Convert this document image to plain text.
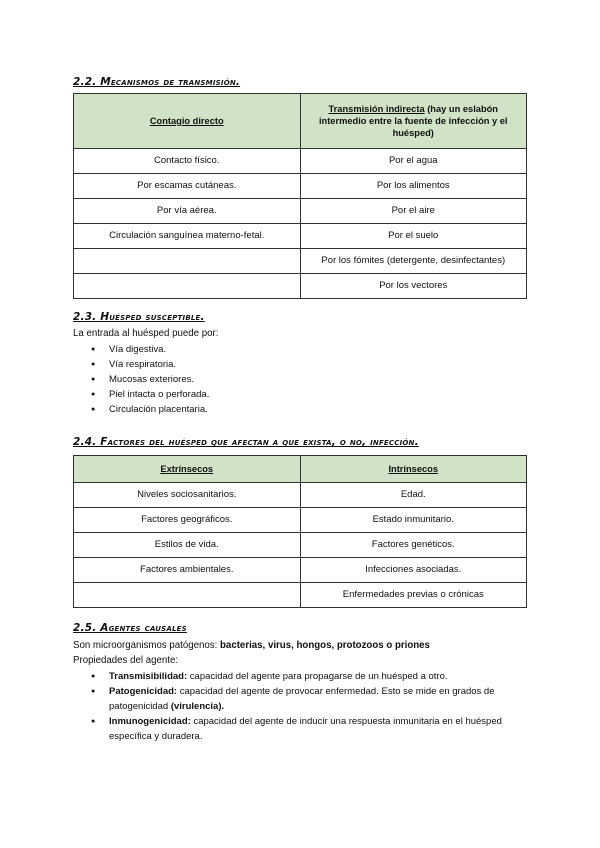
2.2. Mecanismos de transmisión.
Contagio directo	Transmisión indirecta (hay un eslabón intermedio entre la fuente de infección y el huésped)
Contacto físico.	Por el agua
Por escamas cutáneas.	Por los alimentos
Por vía aérea.	Por el aire
Circulación sanguínea materno-fetal.	Por el suelo
	Por los fómites (detergente, desinfectantes)
	Por los vectores
2.3. Huésped susceptible.
La entrada al huésped puede por:
● Vía digestiva.
● Vía respiratoria.
● Mucosas exteriores.
● Piel intacta o perforada.
● Circulación placentaria.
2.4. Factores del huésped que afectan a que exista, o no, infección.
Extrínsecos	Intrínsecos
Niveles sociosanitarios.	Edad.
Factores geográficos.	Estado inmunitario.
Estilos de vida.	Factores genéticos.
Factores ambientales.	Infecciones asociadas.
	Enfermedades previas o crónicas
2.5. Agentes causales
Son microorganismos patógenos: bacterias, virus, hongos, protozoos o priones
Propiedades del agente:
● Transmisibilidad: capacidad del agente para propagarse de un huésped a otro.
● Patogenicidad: capacidad del agente de provocar enfermedad. Esto se mide en grados de patogenicidad (virulencia).
● Inmunogenicidad: capacidad del agente de inducir una respuesta inmunitaria en el huésped específica y duradera.
